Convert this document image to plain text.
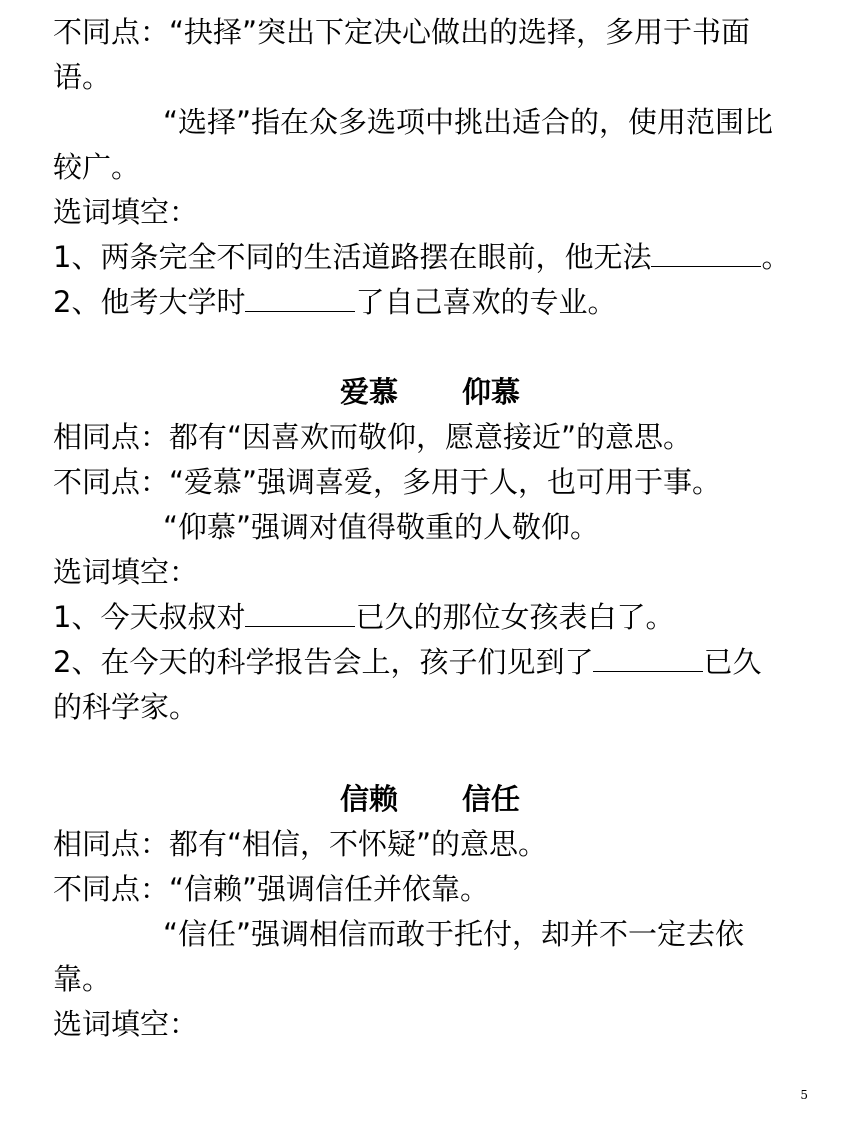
不同点：“抉择”突出下定决心做出的选择，多用于书面
语。
“选择”指在众多选项中挑出适合的，使用范围比
较广。
选词填空：
1、两条完全不同的生活道路摆在眼前，他无法	。
2、他考大学时	了自己喜欢的专业。
爱慕 仰慕
相同点：都有“因喜欢而敬仰，愿意接近”的意思。
不同点：“爱慕”强调喜爱，多用于人，也可用于事。
“仰慕”强调对值得敬重的人敬仰。
选词填空：
1、今天叔叔对	已久的那位女孩表白了。
2、在今天的科学报告会上，孩子们见到了	已久
的科学家。
信赖 信任
相同点：都有“相信，不怀疑”的意思。
不同点：“信赖”强调信任并依靠。
“信任”强调相信而敢于托付，却并不一定去依
靠。
选词填空：
5
